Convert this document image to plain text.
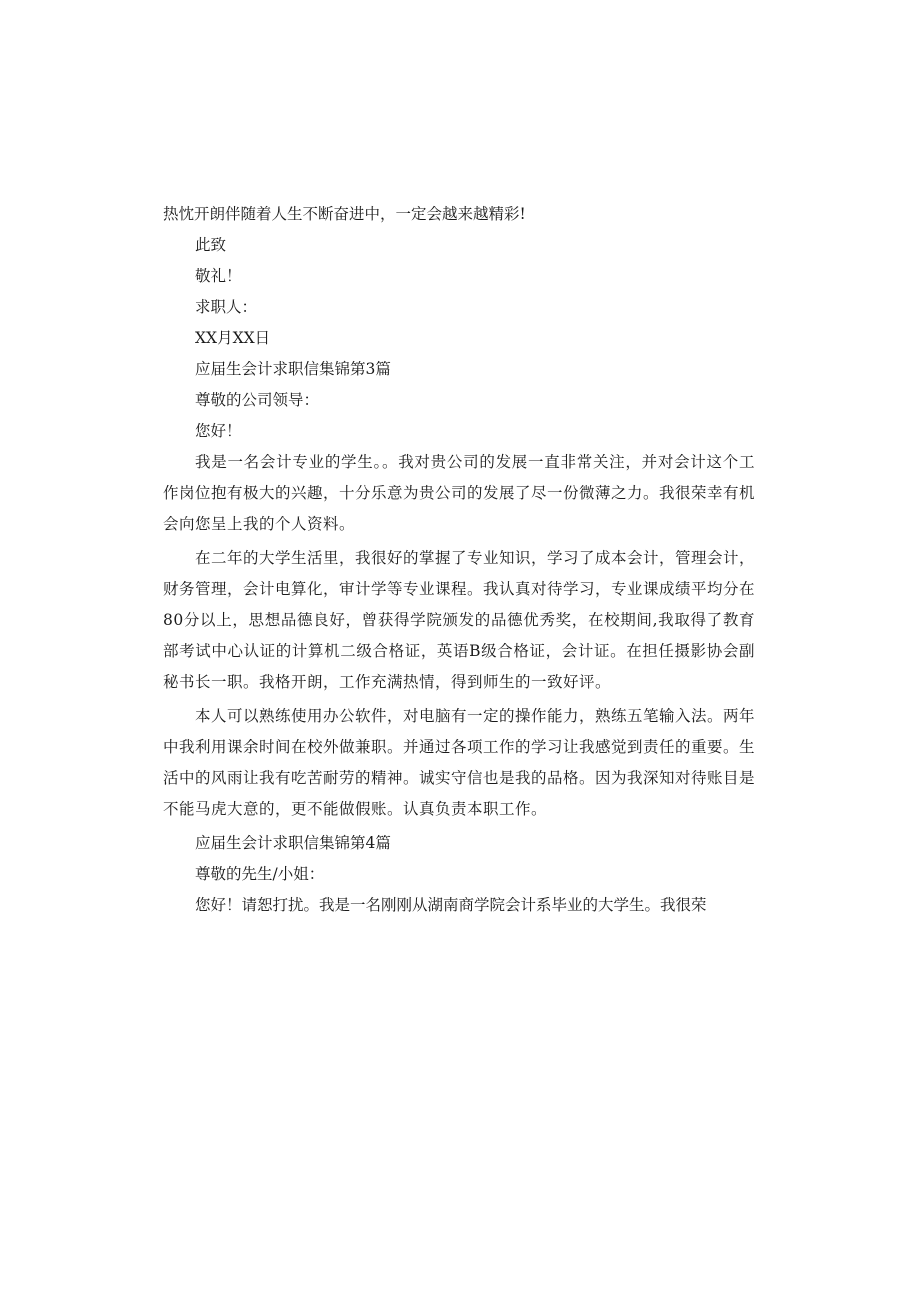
热忱开朗伴随着人生不断奋进中，一定会越来越精彩!
此致
敬礼！
求职人：
XX月XX日
应届生会计求职信集锦第3篇
尊敬的公司领导：
您好！

我是一名会计专业的学生。。我对贵公司的发展一直非常关注，并对会计这个工作岗位抱有极大的兴趣，十分乐意为贵公司的发展了尽一份微薄之力。我很荣幸有机会向您呈上我的个人资料。

在二年的大学生活里，我很好的掌握了专业知识，学习了成本会计，管理会计，财务管理，会计电算化，审计学等专业课程。我认真对待学习，专业课成绩平均分在80分以上，思想品德良好，曾获得学院颁发的品德优秀奖，在校期间,我取得了教育部考试中心认证的计算机二级合格证，英语B级合格证，会计证。在担任摄影协会副秘书长一职。我格开朗，工作充满热情，得到师生的一致好评。

本人可以熟练使用办公软件，对电脑有一定的操作能力，熟练五笔输入法。两年中我利用课余时间在校外做兼职。并通过各项工作的学习让我感觉到责任的重要。生活中的风雨让我有吃苦耐劳的精神。诚实守信也是我的品格。因为我深知对待账目是不能马虎大意的，更不能做假账。认真负责本职工作。

应届生会计求职信集锦第4篇
尊敬的先生/小姐：
您好！请恕打扰。我是一名刚刚从湖南商学院会计系毕业的大学生。我很荣
